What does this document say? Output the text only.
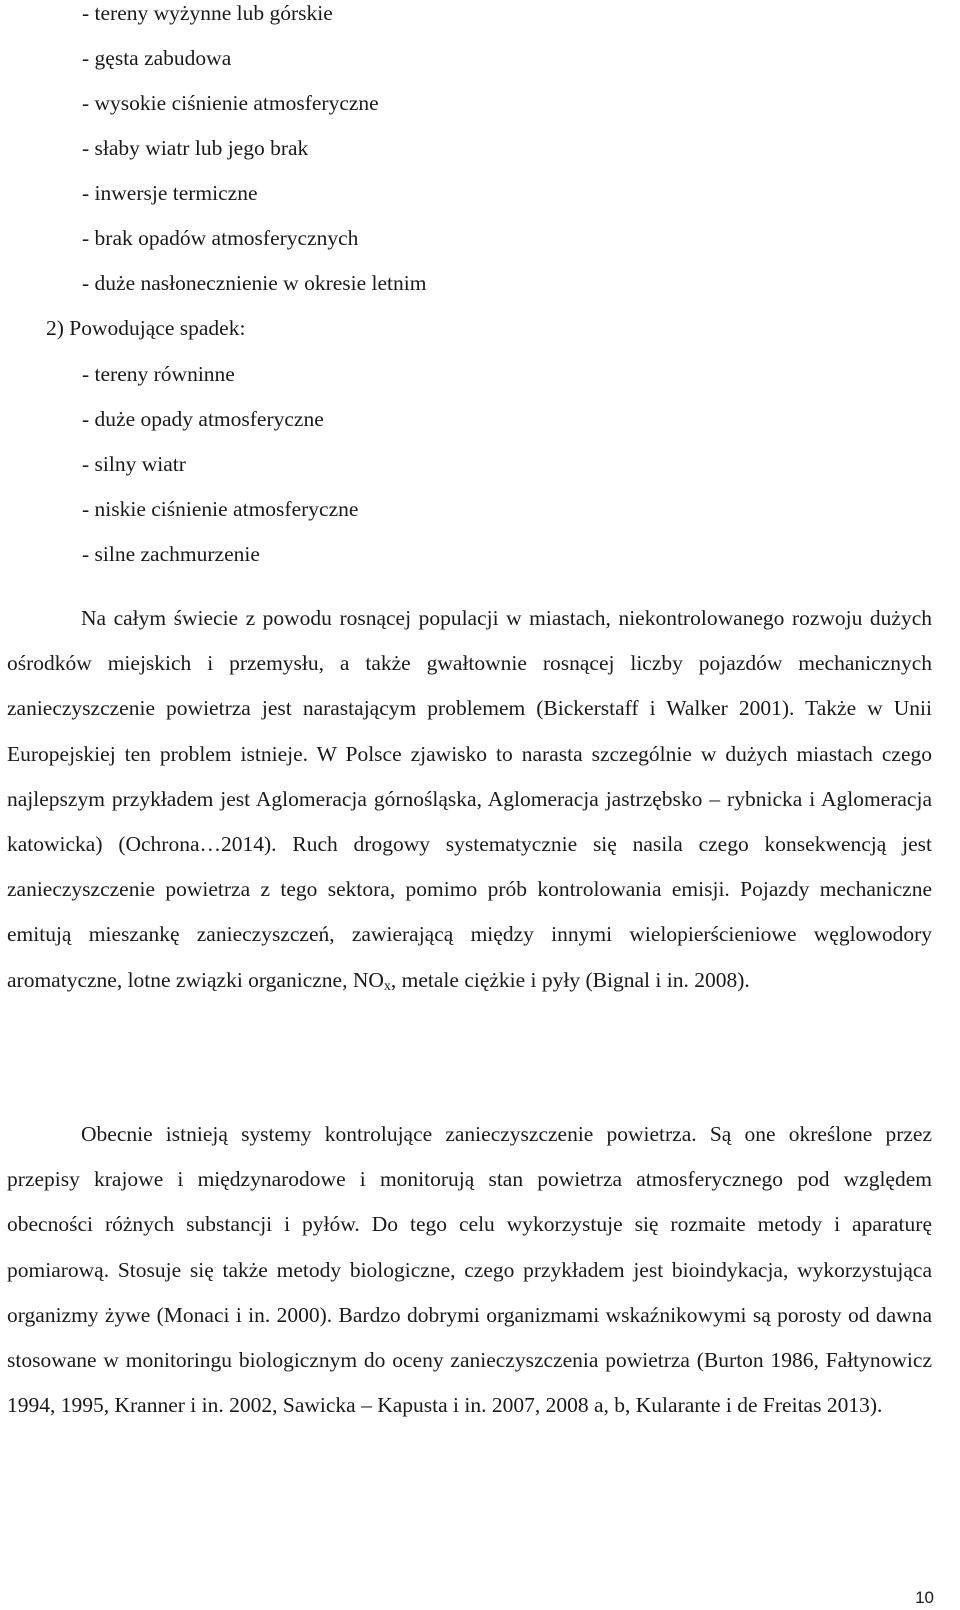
- tereny wyżynne lub górskie
- gęsta zabudowa
- wysokie ciśnienie atmosferyczne
- słaby wiatr lub jego brak
- inwersje termiczne
- brak opadów atmosferycznych
- duże nasłonecznienie w okresie letnim
2) Powodujące spadek:
- tereny równinne
- duże opady atmosferyczne
- silny wiatr
- niskie ciśnienie atmosferyczne
- silne zachmurzenie

Na całym świecie z powodu rosnącej populacji w miastach, niekontrolowanego rozwoju dużych ośrodków miejskich i przemysłu, a także gwałtownie rosnącej liczby pojazdów mechanicznych zanieczyszczenie powietrza jest narastającym problemem (Bickerstaff i Walker 2001). Także w Unii Europejskiej ten problem istnieje. W Polsce zjawisko to narasta szczególnie w dużych miastach czego najlepszym przykładem jest Aglomeracja górnośląska, Aglomeracja jastrzębsko – rybnicka i Aglomeracja katowicka) (Ochrona…2014). Ruch drogowy systematycznie się nasila czego konsekwencją jest zanieczyszczenie powietrza z tego sektora, pomimo prób kontrolowania emisji. Pojazdy mechaniczne emitują mieszankę zanieczyszczeń, zawierającą między innymi wielopierścieniowe węglowodory aromatyczne, lotne związki organiczne, $NO_x$, metale ciężkie i pyły (Bignal i in. 2008).

Obecnie istnieją systemy kontrolujące zanieczyszczenie powietrza. Są one określone przez przepisy krajowe i międzynarodowe i monitorują stan powietrza atmosferycznego pod względem obecności różnych substancji i pyłów. Do tego celu wykorzystuje się rozmaite metody i aparaturę pomiarową. Stosuje się także metody biologiczne, czego przykładem jest bioindykacja, wykorzystująca organizmy żywe (Monaci i in. 2000). Bardzo dobrymi organizmami wskaźnikowymi są porosty od dawna stosowane w monitoringu biologicznym do oceny zanieczyszczenia powietrza (Burton 1986, Fałtynowicz 1994, 1995, Kranner i in. 2002, Sawicka – Kapusta i in. 2007, 2008 a, b, Kularante i de Freitas 2013).

10
